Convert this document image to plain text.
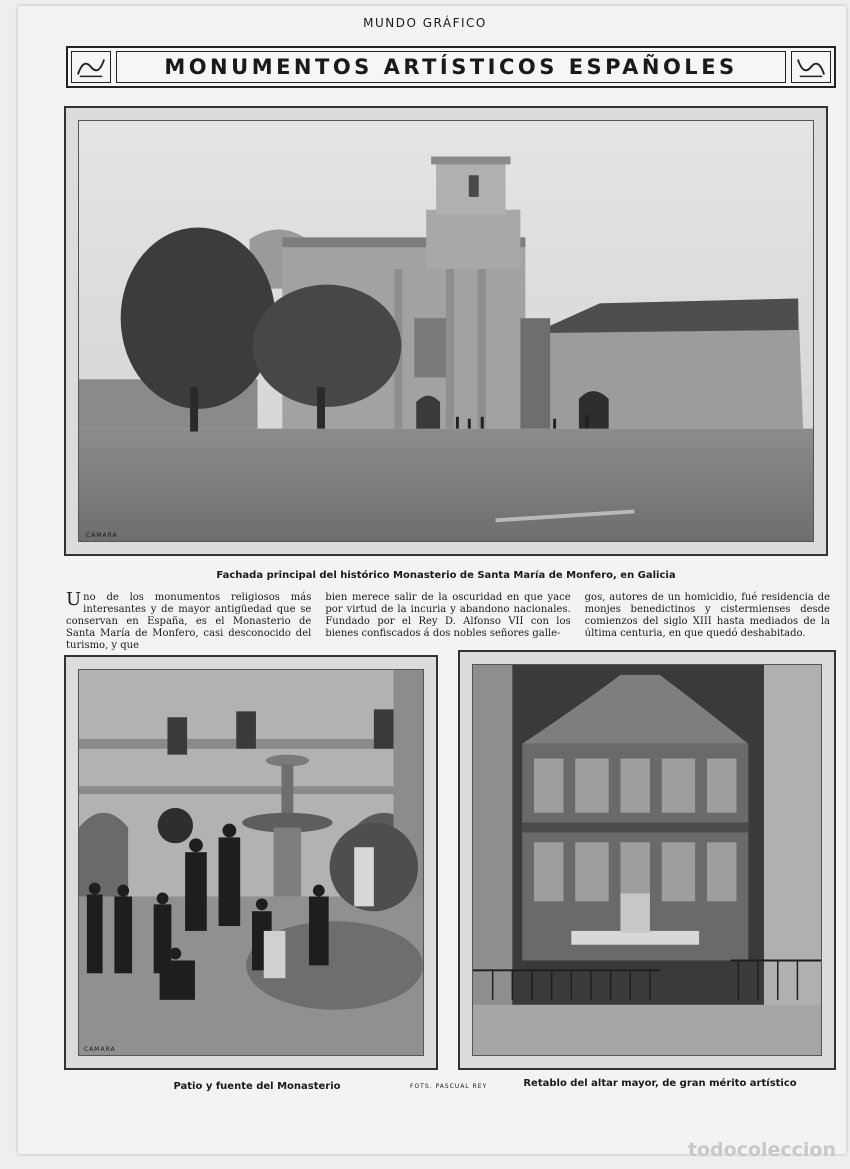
MUNDO GRÁFICO
MONUMENTOS ARTÍSTICOS ESPAÑOLES
CÁMARA
Fachada principal del histórico Monasterio de Santa María de Monfero, en Galicia
Uno de los monumentos religiosos más interesantes y de mayor antigüedad que se conservan en España, es el Monasterio de Santa María de Monfero, casi desconocido del turismo, y que
bien merece salir de la oscuridad en que yace por virtud de la incuria y abandono nacionales. Fundado por el Rey D. Alfonso VII con los bienes confiscados á dos nobles señores galle-
gos, autores de un homicidio, fué residencia de monjes benedictinos y cistermienses desde comienzos del siglo XIII hasta mediados de la última centuria, en que quedó deshabitado.
CÁMARA
Patio y fuente del Monasterio	FOTS. PASCUAL REY	Retablo del altar mayor, de gran mérito artístico
todocoleccion
